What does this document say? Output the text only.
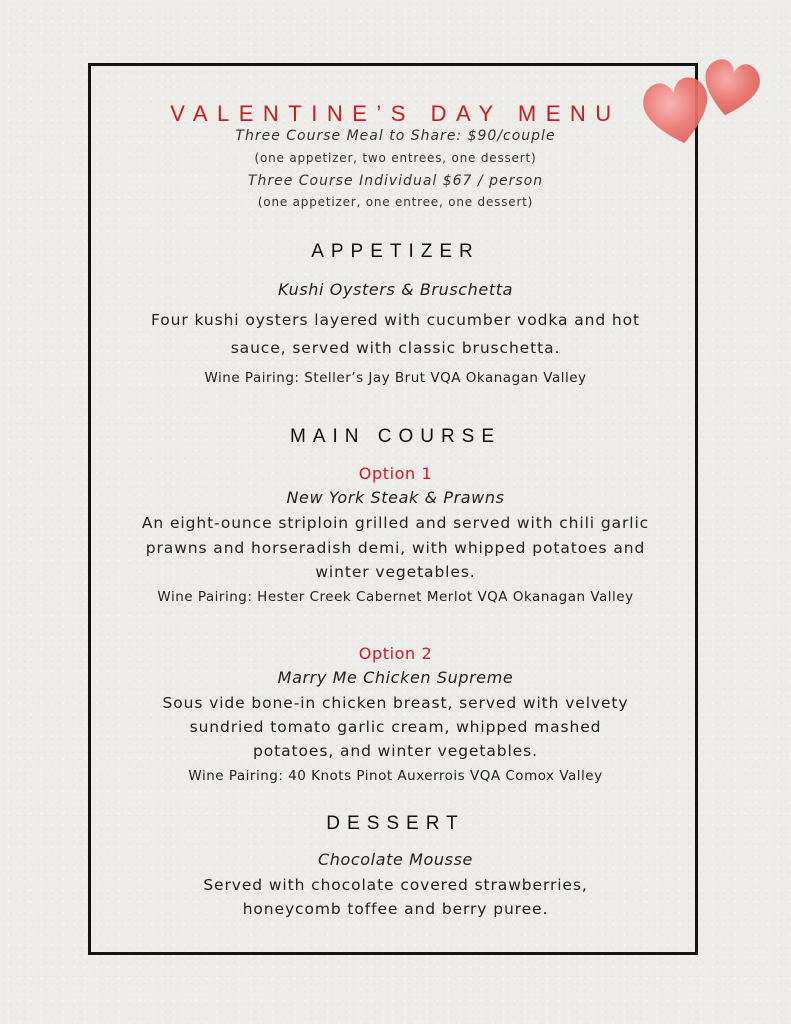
VALENTINE’S DAY MENU
Three Course Meal to Share: $90/couple
(one appetizer, two entrees, one dessert)
Three Course Individual $67 / person
(one appetizer, one entree, one dessert)
APPETIZER
Kushi Oysters & Bruschetta
Four kushi oysters layered with cucumber vodka and hot
sauce, served with classic bruschetta.
Wine Pairing: Steller’s Jay Brut VQA Okanagan Valley
MAIN COURSE
Option 1
New York Steak & Prawns
An eight-ounce striploin grilled and served with chili garlic
prawns and horseradish demi, with whipped potatoes and
winter vegetables.
Wine Pairing: Hester Creek Cabernet Merlot VQA Okanagan Valley
Option 2
Marry Me Chicken Supreme
Sous vide bone-in chicken breast, served with velvety
sundried tomato garlic cream, whipped mashed
potatoes, and winter vegetables.
Wine Pairing: 40 Knots Pinot Auxerrois VQA Comox Valley
DESSERT
Chocolate Mousse
Served with chocolate covered strawberries,
honeycomb toffee and berry puree.
